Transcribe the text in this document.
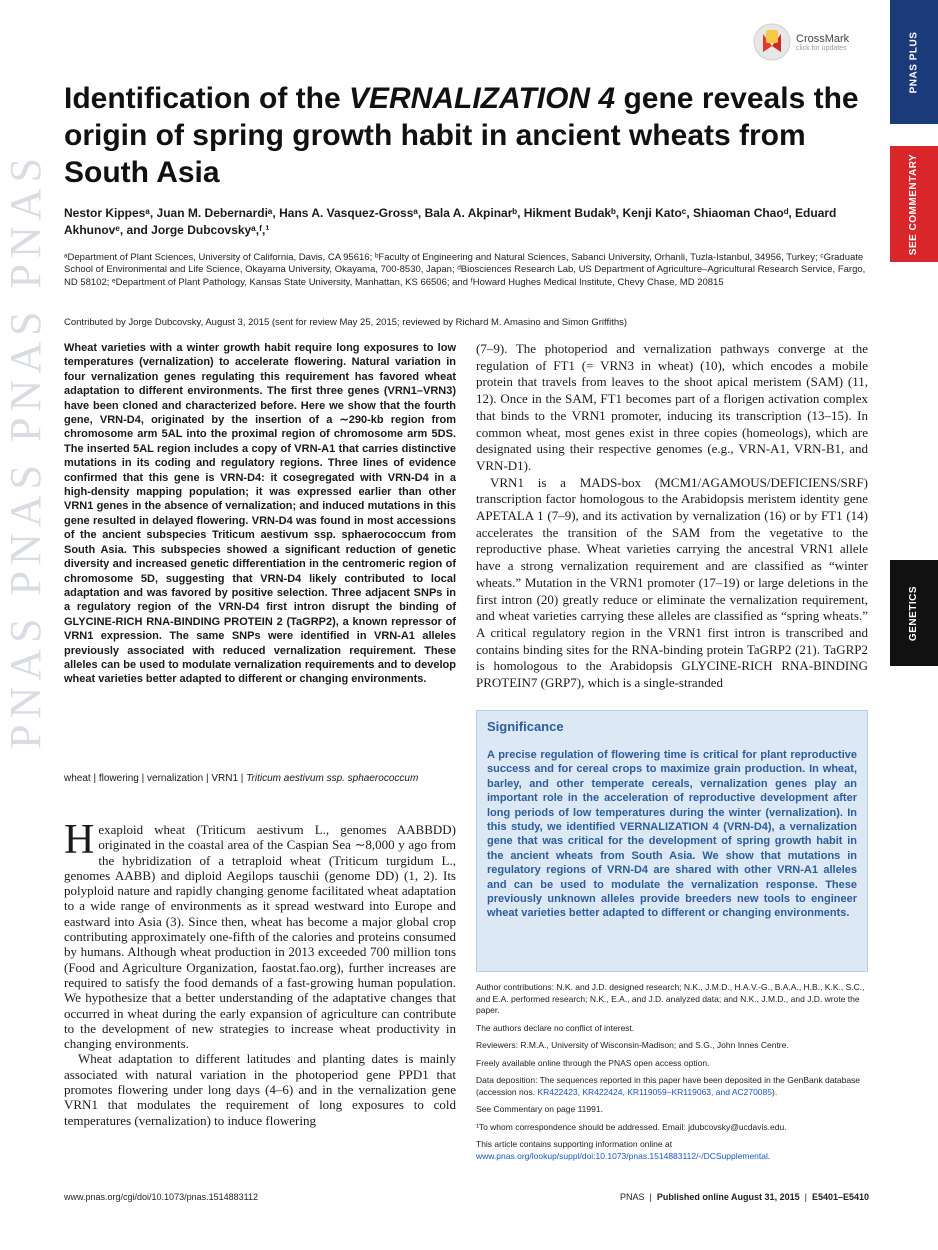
PNAS PNAS PNAS PNAS
PNAS PLUS
SEE COMMENTARY
GENETICS
CrossMark
click for updates
Identification of the VERNALIZATION 4 gene reveals the origin of spring growth habit in ancient wheats from South Asia
Nestor Kippesᵃ, Juan M. Debernardiᵃ, Hans A. Vasquez-Grossᵃ, Bala A. Akpinarᵇ, Hikment Budakᵇ, Kenji Katoᶜ, Shiaoman Chaoᵈ, Eduard Akhunovᵉ, and Jorge Dubcovskyᵃ,ᶠ,¹
ᵃDepartment of Plant Sciences, University of California, Davis, CA 95616; ᵇFaculty of Engineering and Natural Sciences, Sabanci University, Orhanli, Tuzla-Istanbul, 34956, Turkey; ᶜGraduate School of Environmental and Life Science, Okayama University, Okayama, 700-8530, Japan; ᵈBiosciences Research Lab, US Department of Agriculture–Agricultural Research Service, Fargo, ND 58102; ᵉDepartment of Plant Pathology, Kansas State University, Manhattan, KS 66506; and ᶠHoward Hughes Medical Institute, Chevy Chase, MD 20815
Contributed by Jorge Dubcovsky, August 3, 2015 (sent for review May 25, 2015; reviewed by Richard M. Amasino and Simon Griffiths)
Wheat varieties with a winter growth habit require long exposures to low temperatures (vernalization) to accelerate flowering. Natural variation in four vernalization genes regulating this requirement has favored wheat adaptation to different environments. The first three genes (VRN1–VRN3) have been cloned and characterized before. Here we show that the fourth gene, VRN-D4, originated by the insertion of a ∼290-kb region from chromosome arm 5AL into the proximal region of chromosome arm 5DS. The inserted 5AL region includes a copy of VRN-A1 that carries distinctive mutations in its coding and regulatory regions. Three lines of evidence confirmed that this gene is VRN-D4: it cosegregated with VRN-D4 in a high-density mapping population; it was expressed earlier than other VRN1 genes in the absence of vernalization; and induced mutations in this gene resulted in delayed flowering. VRN-D4 was found in most accessions of the ancient subspecies Triticum aestivum ssp. sphaerococcum from South Asia. This subspecies showed a significant reduction of genetic diversity and increased genetic differentiation in the centromeric region of chromosome 5D, suggesting that VRN-D4 likely contributed to local adaptation and was favored by positive selection. Three adjacent SNPs in a regulatory region of the VRN-D4 first intron disrupt the binding of GLYCINE-RICH RNA-BINDING PROTEIN 2 (TaGRP2), a known repressor of VRN1 expression. The same SNPs were identified in VRN-A1 alleles previously associated with reduced vernalization requirement. These alleles can be used to modulate vernalization requirements and to develop wheat varieties better adapted to different or changing environments.
wheat | flowering | vernalization | VRN1 | Triticum aestivum ssp. sphaerococcum

Hexaploid wheat (Triticum aestivum L., genomes AABBDD) originated in the coastal area of the Caspian Sea ∼8,000 y ago from the hybridization of a tetraploid wheat (Triticum turgidum L., genomes AABB) and diploid Aegilops tauschii (genome DD) (1, 2). Its polyploid nature and rapidly changing genome facilitated wheat adaptation to a wide range of environments as it spread westward into Europe and eastward into Asia (3). Since then, wheat has become a major global crop contributing approximately one-fifth of the calories and proteins consumed by humans. Although wheat production in 2013 exceeded 700 million tons (Food and Agriculture Organization, faostat.fao.org), further increases are required to satisfy the food demands of a fast-growing human population. We hypothesize that a better understanding of the adaptative changes that occurred in wheat during the early expansion of agriculture can contribute to the development of new strategies to increase wheat productivity in changing environments.

Wheat adaptation to different latitudes and planting dates is mainly associated with natural variation in the photoperiod gene PPD1 that promotes flowering under long days (4–6) and in the vernalization gene VRN1 that modulates the requirement of long exposures to cold temperatures (vernalization) to induce flowering

(7–9). The photoperiod and vernalization pathways converge at the regulation of FT1 (= VRN3 in wheat) (10), which encodes a mobile protein that travels from leaves to the shoot apical meristem (SAM) (11, 12). Once in the SAM, FT1 becomes part of a florigen activation complex that binds to the VRN1 promoter, inducing its transcription (13–15). In common wheat, most genes exist in three copies (homeologs), which are designated using their respective genomes (e.g., VRN-A1, VRN-B1, and VRN-D1).

VRN1 is a MADS-box (MCM1/AGAMOUS/DEFICIENS/SRF) transcription factor homologous to the Arabidopsis meristem identity gene APETALA 1 (7–9), and its activation by vernalization (16) or by FT1 (14) accelerates the transition of the SAM from the vegetative to the reproductive phase. Wheat varieties carrying the ancestral VRN1 allele have a strong vernalization requirement and are classified as “winter wheats.” Mutation in the VRN1 promoter (17–19) or large deletions in the first intron (20) greatly reduce or eliminate the vernalization requirement, and wheat varieties carrying these alleles are classified as “spring wheats.” A critical regulatory region in the VRN1 first intron is transcribed and contains binding sites for the RNA-binding protein TaGRP2 (21). TaGRP2 is homologous to the Arabidopsis GLYCINE-RICH RNA-BINDING PROTEIN7 (GRP7), which is a single-stranded

Significance
A precise regulation of flowering time is critical for plant reproductive success and for cereal crops to maximize grain production. In wheat, barley, and other temperate cereals, vernalization genes play an important role in the acceleration of reproductive development after long periods of low temperatures during the winter (vernalization). In this study, we identified VERNALIZATION 4 (VRN-D4), a vernalization gene that was critical for the development of spring growth habit in the ancient wheats from South Asia. We show that mutations in regulatory regions of VRN-D4 are shared with other VRN-A1 alleles and can be used to modulate the vernalization response. These previously unknown alleles provide breeders new tools to engineer wheat varieties better adapted to different or changing environments.

Author contributions: N.K. and J.D. designed research; N.K., J.M.D., H.A.V.-G., B.A.A., H.B., K.K., S.C., and E.A. performed research; N.K., E.A., and J.D. analyzed data; and N.K., J.M.D., and J.D. wrote the paper.

The authors declare no conflict of interest.

Reviewers: R.M.A., University of Wisconsin-Madison; and S.G., John Innes Centre.

Freely available online through the PNAS open access option.

Data deposition: The sequences reported in this paper have been deposited in the GenBank database (accession nos. KR422423, KR422424, KR119059–KR119063, and AC270085).

See Commentary on page 11991.

¹To whom correspondence should be addressed. Email: jdubcovsky@ucdavis.edu.

This article contains supporting information online at www.pnas.org/lookup/suppl/doi:10.1073/pnas.1514883112/-/DCSupplemental.

www.pnas.org/cgi/doi/10.1073/pnas.1514883112	PNAS  |  Published online August 31, 2015  |  E5401–E5410
